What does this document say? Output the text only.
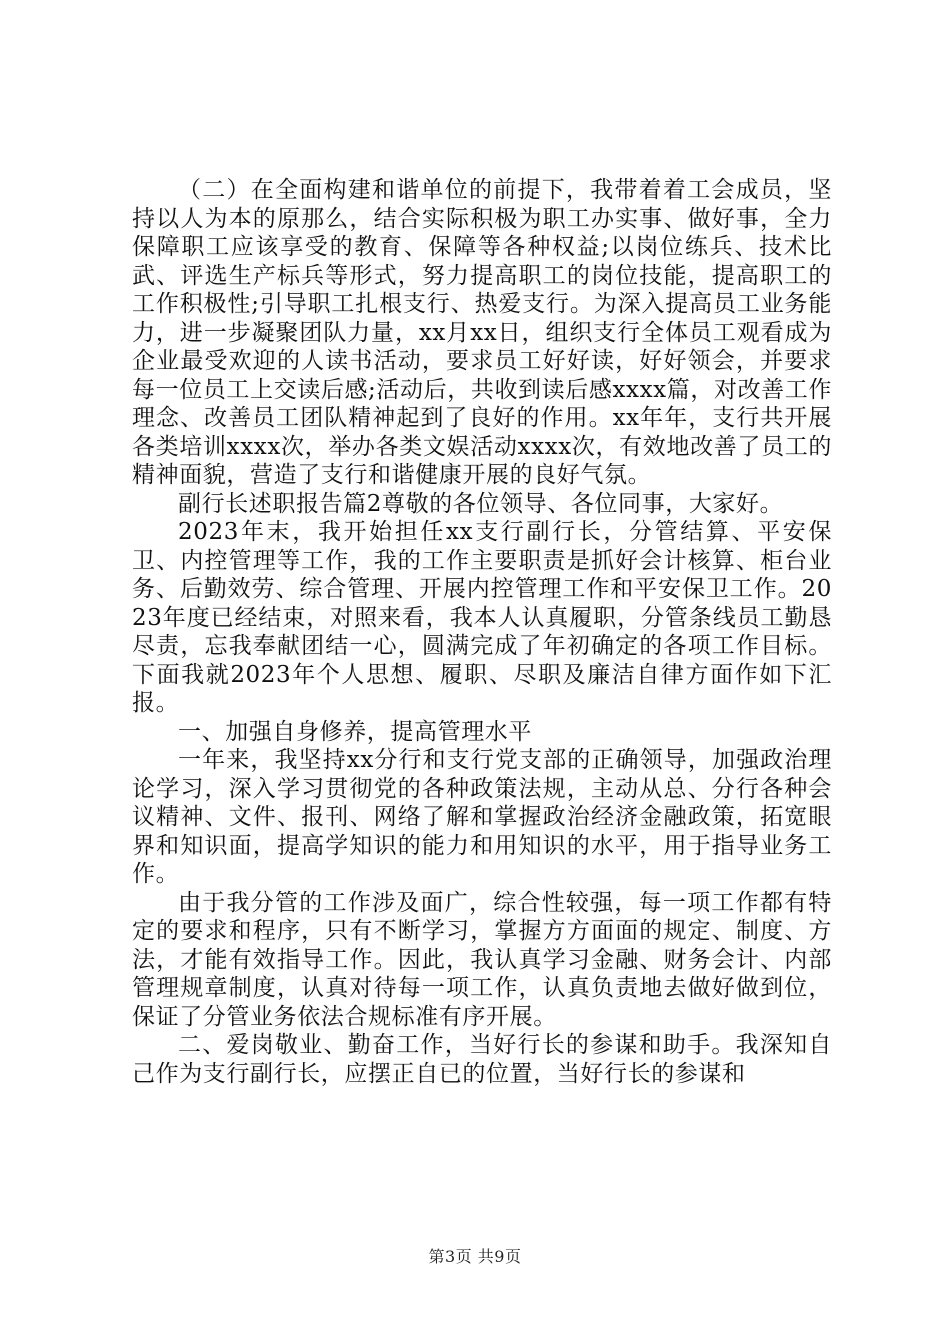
（二）在全面构建和谐单位的前提下，我带着着工会成员，坚持以人为本的原那么，结合实际积极为职工办实事、做好事，全力保障职工应该享受的教育、保障等各种权益;以岗位练兵、技术比武、评选生产标兵等形式，努力提高职工的岗位技能，提高职工的工作积极性;引导职工扎根支行、热爱支行。为深入提高员工业务能力，进一步凝聚团队力量，xx月xx日，组织支行全体员工观看成为企业最受欢迎的人读书活动，要求员工好好读，好好领会，并要求每一位员工上交读后感;活动后，共收到读后感xxxx篇，对改善工作理念、改善员工团队精神起到了良好的作用。xx年年，支行共开展各类培训xxxx次，举办各类文娱活动xxxx次，有效地改善了员工的精神面貌，营造了支行和谐健康开展的良好气氛。

副行长述职报告篇2尊敬的各位领导、各位同事，大家好。

2023年末，我开始担任xx支行副行长，分管结算、平安保卫、内控管理等工作，我的工作主要职责是抓好会计核算、柜台业务、后勤效劳、综合管理、开展内控管理工作和平安保卫工作。2023年度已经结束，对照来看，我本人认真履职，分管条线员工勤恳尽责，忘我奉献团结一心，圆满完成了年初确定的各项工作目标。下面我就2023年个人思想、履职、尽职及廉洁自律方面作如下汇报。

一、加强自身修养，提高管理水平

一年来，我坚持xx分行和支行党支部的正确领导，加强政治理论学习，深入学习贯彻党的各种政策法规，主动从总、分行各种会议精神、文件、报刊、网络了解和掌握政治经济金融政策，拓宽眼界和知识面，提高学知识的能力和用知识的水平，用于指导业务工作。

由于我分管的工作涉及面广，综合性较强，每一项工作都有特定的要求和程序，只有不断学习，掌握方方面面的规定、制度、方法，才能有效指导工作。因此，我认真学习金融、财务会计、内部管理规章制度，认真对待每一项工作，认真负责地去做好做到位，保证了分管业务依法合规标准有序开展。

二、爱岗敬业、勤奋工作，当好行长的参谋和助手。我深知自己作为支行副行长，应摆正自已的位置，当好行长的参谋和

第3页 共9页
